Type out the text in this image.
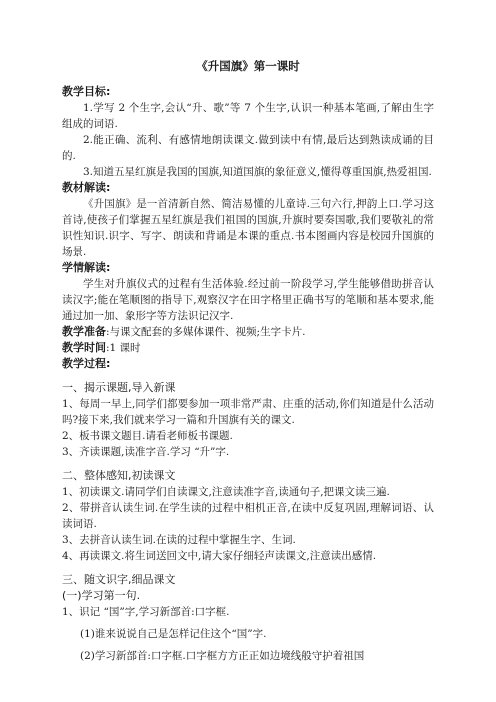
《升国旗》第一课时
教学目标:
1.学写 2 个生字,会认“升、歌”等 7 个生字,认识一种基本笔画,了解由生字组成的词语.
2.能正确、流利、有感情地朗读课文.做到读中有情,最后达到熟读成诵的目的.
3.知道五星红旗是我国的国旗,知道国旗的象征意义,懂得尊重国旗,热爱祖国.
教材解读:
《升国旗》是一首清新自然、简洁易懂的儿童诗.三句六行,押韵上口.学习这首诗,使孩子们掌握五星红旗是我们祖国的国旗,升旗时要奏国歌,我们要敬礼的常识性知识.识字、写字、朗读和背诵是本课的重点.书本图画内容是校园升国旗的场景.
学情解读:
学生对升旗仪式的过程有生活体验.经过前一阶段学习,学生能够借助拼音认读汉字;能在笔顺图的指导下,观察汉字在田字格里正确书写的笔顺和基本要求,能通过加一加、象形字等方法识记汉字.
教学准备:与课文配套的多媒体课件、视频;生字卡片.
教学时间:1 课时
教学过程:
一、揭示课题,导入新课
1、每周一早上,同学们都要参加一项非常严肃、庄重的活动,你们知道是什么活动吗?接下来,我们就来学习一篇和升国旗有关的课文.
2、板书课文题目.请看老师板书课题.
3、齐读课题,读准字音.学习 “升”字.
二、整体感知,初读课文
1、初读课文.请同学们自读课文,注意读准字音,读通句子,把课文读三遍.
2、带拼音认读生词.在学生读的过程中相机正音,在读中反复巩固,理解词语、认读词语.
3、去拼音认读生词.在读的过程中掌握生字、生词.
4、再读课文.将生词送回文中,请大家仔细轻声读课文,注意读出感情.
三、随文识字,细品课文
(一)学习第一句.
1、识记 “国”字,学习新部首:口字框.
(1)谁来说说自己是怎样记住这个“国”字.
(2)学习新部首:口字框.口字框方方正正如边境线般守护着祖国
